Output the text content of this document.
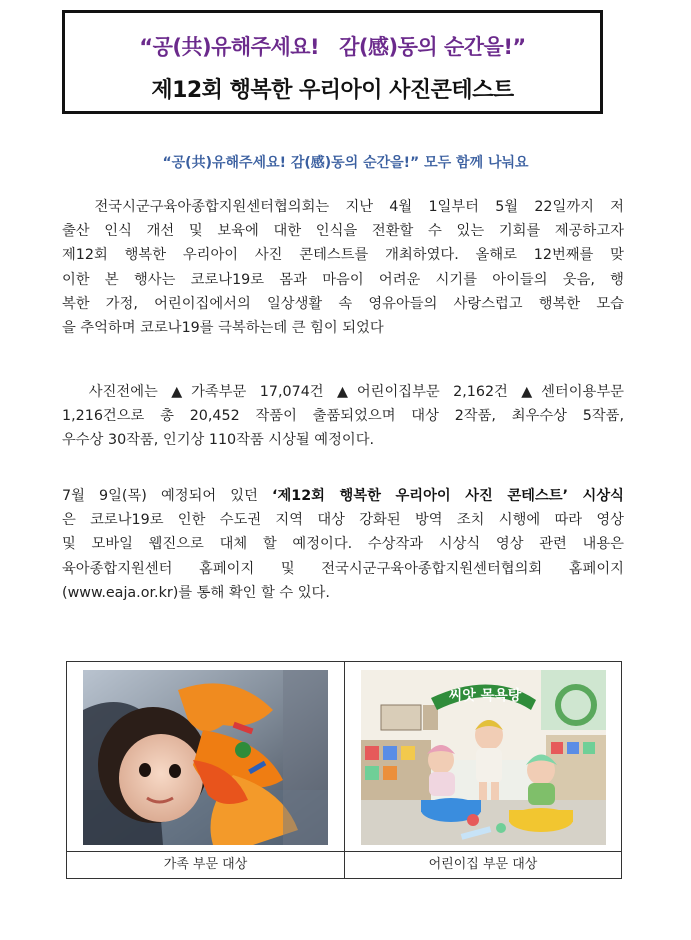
“공(共)유해주세요! 감(感)동의 순간을!”
제12회 행복한 우리아이 사진콘테스트
“공(共)유해주세요! 감(感)동의 순간을!” 모두 함께 나눠요
전국시군구육아종합지원센터협의회는 지난 4월 1일부터 5월 22일까지 저
출산 인식 개선 및 보육에 대한 인식을 전환할 수 있는 기회를 제공하고자
제12회 행복한 우리아이 사진 콘테스트를 개최하였다. 올해로 12번째를 맞
이한 본 행사는 코로나19로 몸과 마음이 어려운 시기를 아이들의 웃음, 행
복한 가정, 어린이집에서의 일상생활 속 영유아들의 사랑스럽고 행복한 모습
을 추억하며 코로나19를 극복하는데 큰 힘이 되었다
사진전에는 ▲가족부문 17,074건 ▲어린이집부문 2,162건 ▲센터이용부문
1,216건으로 총 20,452 작품이 출품되었으며 대상 2작품, 최우수상 5작품,
우수상 30작품, 인기상 110작품 시상될 예정이다.
7월 9일(목) 예정되어 있던 ‘제12회 행복한 우리아이 사진 콘테스트’ 시상식
은 코로나19로 인한 수도권 지역 대상 강화된 방역 조치 시행에 따라 영상
및 모바일 웹진으로 대체 할 예정이다. 수상작과 시상식 영상 관련 내용은
육아종합지원센터 홈페이지 및 전국시군구육아종합지원센터협의회 홈페이지
(www.eaja.or.kr)를 통해 확인 할 수 있다.
씨앗 목욕탕
가족 부문 대상	어린이집 부문 대상
